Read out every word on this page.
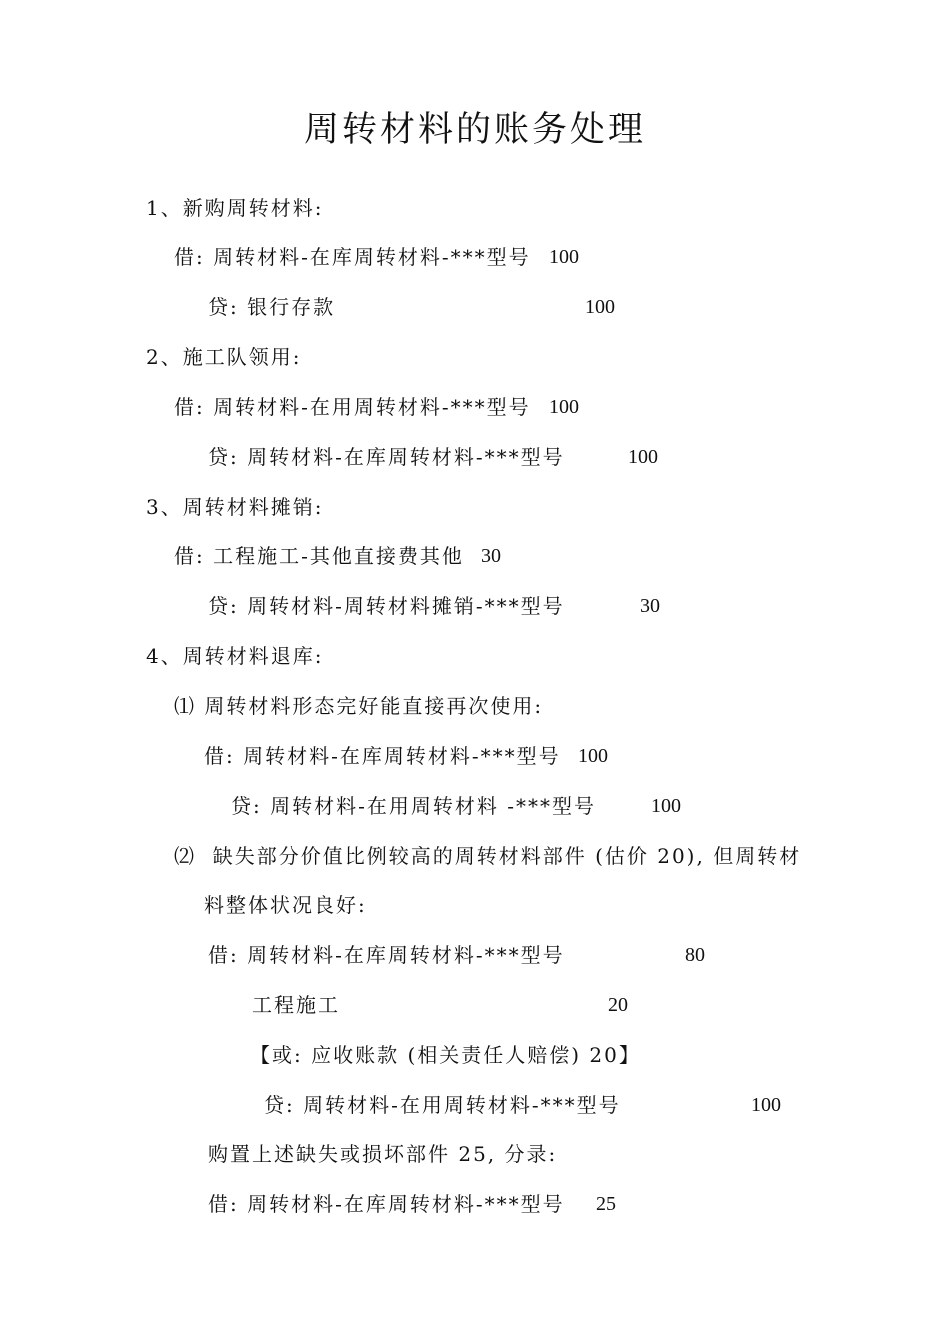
周转材料的账务处理
1、新购周转材料:
借: 周转材料-在库周转材料-***型号 100
贷: 银行存款	100
2、施工队领用:
借: 周转材料-在用周转材料-***型号 100
贷: 周转材料-在库周转材料-***型号	100
3、周转材料摊销:
借: 工程施工-其他直接费其他 30
贷: 周转材料-周转材料摊销-***型号	30
4、周转材料退库:
⑴ 周转材料形态完好能直接再次使用:
借: 周转材料-在库周转材料-***型号 100
贷: 周转材料-在用周转材料 -***型号	100
⑵  缺失部分价值比例较高的周转材料部件 (估价 20), 但周转材
料整体状况良好:
借: 周转材料-在库周转材料-***型号	80
工程施工	20
【或: 应收账款 (相关责任人赔偿) 20】
贷: 周转材料-在用周转材料-***型号	100
购置上述缺失或损坏部件 25, 分录:
借: 周转材料-在库周转材料-***型号 25
